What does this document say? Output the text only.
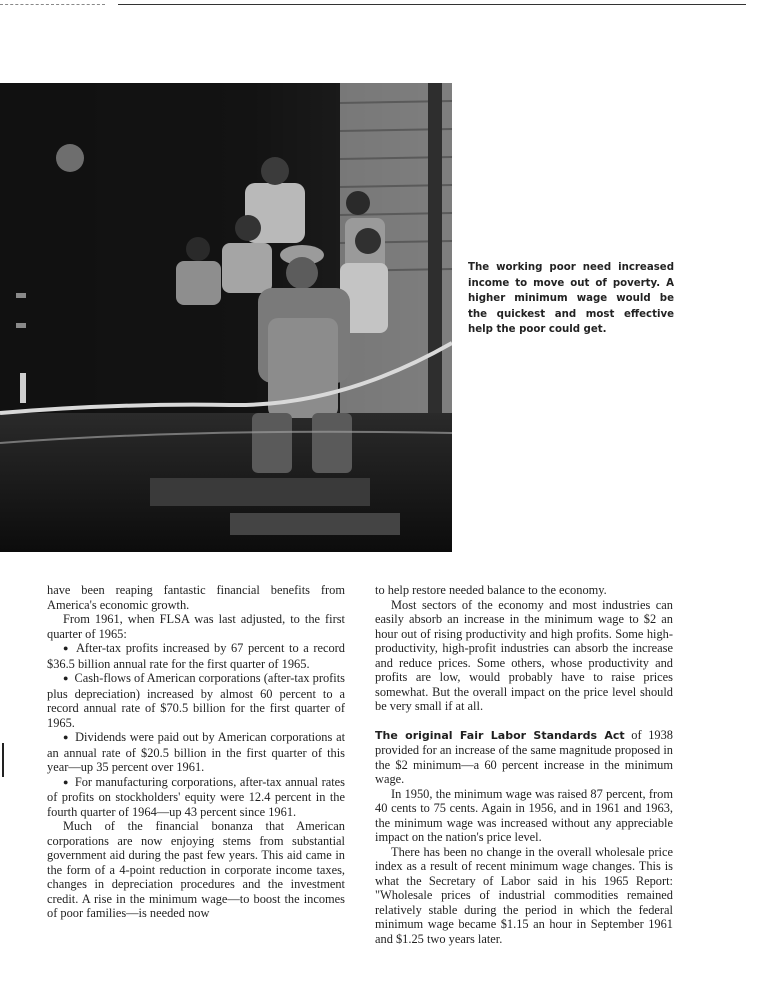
The working poor need increased income to move out of poverty. A higher minimum wage would be the quickest and most effective help the poor could get.

have been reaping fantastic financial benefits from America's economic growth.

From 1961, when FLSA was last adjusted, to the first quarter of 1965:

● After-tax profits increased by 67 percent to a record $36.5 billion annual rate for the first quarter of 1965.

● Cash-flows of American corporations (after-tax profits plus depreciation) increased by almost 60 percent to a record annual rate of $70.5 billion for the first quarter of 1965.

● Dividends were paid out by American corporations at an annual rate of $20.5 billion in the first quarter of this year—up 35 percent over 1961.

● For manufacturing corporations, after-tax annual rates of profits on stockholders' equity were 12.4 percent in the fourth quarter of 1964—up 43 percent since 1961.

Much of the financial bonanza that American corporations are now enjoying stems from substantial government aid during the past few years. This aid came in the form of a 4-point reduction in corporate income taxes, changes in depreciation procedures and the investment credit. A rise in the minimum wage—to boost the incomes of poor families—is needed now

to help restore needed balance to the economy.

Most sectors of the economy and most industries can easily absorb an increase in the minimum wage to $2 an hour out of rising productivity and high profits. Some high-productivity, high-profit industries can absorb the increase and reduce prices. Some others, whose productivity and profits are low, would probably have to raise prices somewhat. But the overall impact on the price level should be very small if at all.

The original Fair Labor Standards Act of 1938 provided for an increase of the same magnitude proposed in the $2 minimum—a 60 percent increase in the minimum wage.

In 1950, the minimum wage was raised 87 percent, from 40 cents to 75 cents. Again in 1956, and in 1961 and 1963, the minimum wage was increased without any appreciable impact on the nation's price level.

There has been no change in the overall wholesale price index as a result of recent minimum wage changes. This is what the Secretary of Labor said in his 1965 Report: "Wholesale prices of industrial commodities remained relatively stable during the period in which the federal minimum wage became $1.15 an hour in September 1961 and $1.25 two years later.
